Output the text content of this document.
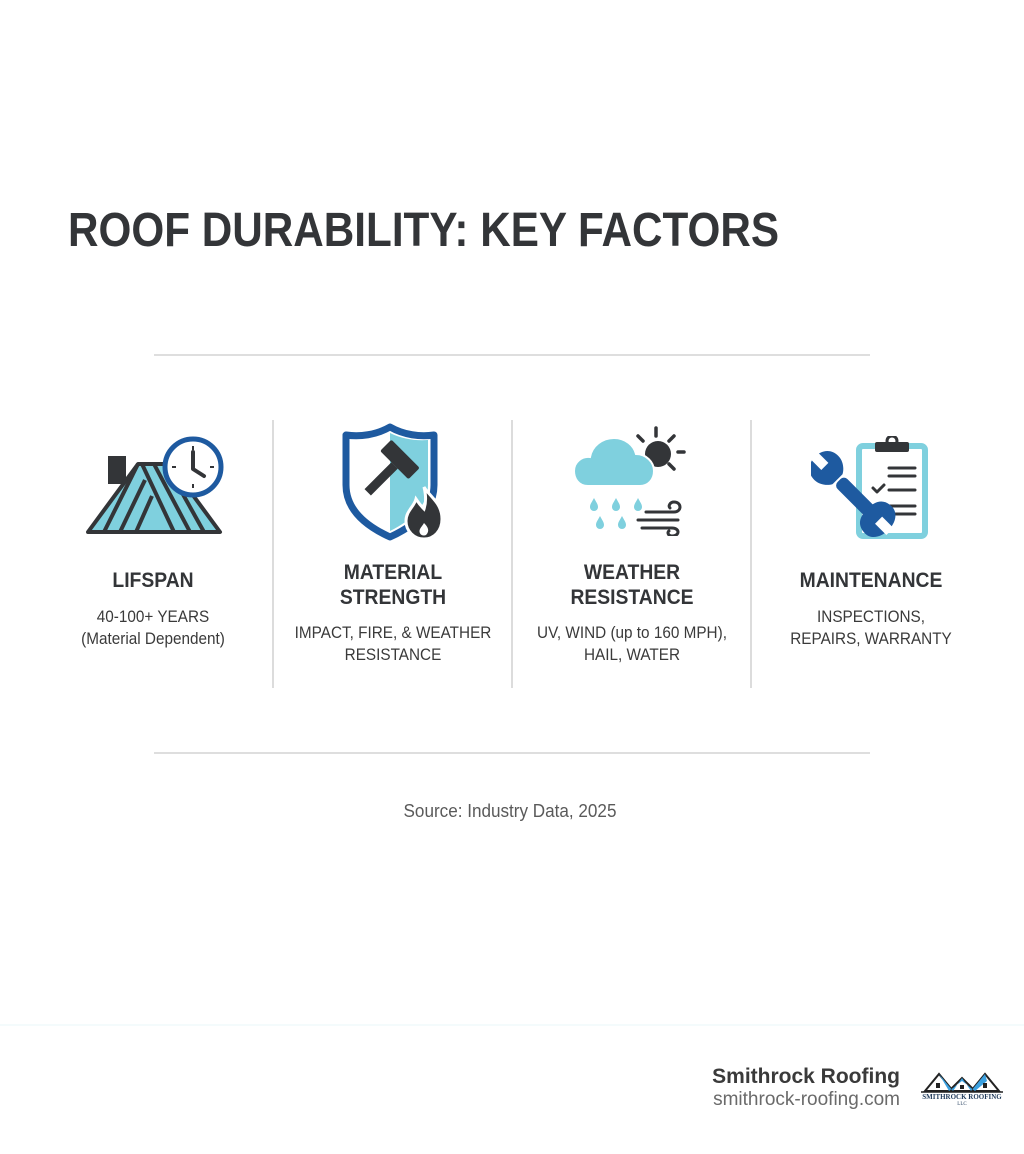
ROOF DURABILITY: KEY FACTORS
LIFSPAN
40-100+ YEARS
(Material Dependent)
MATERIAL
STRENGTH
IMPACT, FIRE, & WEATHER
RESISTANCE
WEATHER
RESISTANCE
UV, WIND (up to 160 MPH),
HAIL, WATER
MAINTENANCE
INSPECTIONS,
REPAIRS, WARRANTY
Source: Industry Data, 2025
Smithrock Roofing
smithrock-roofing.com	SMITHROCK ROOFING
LLC
